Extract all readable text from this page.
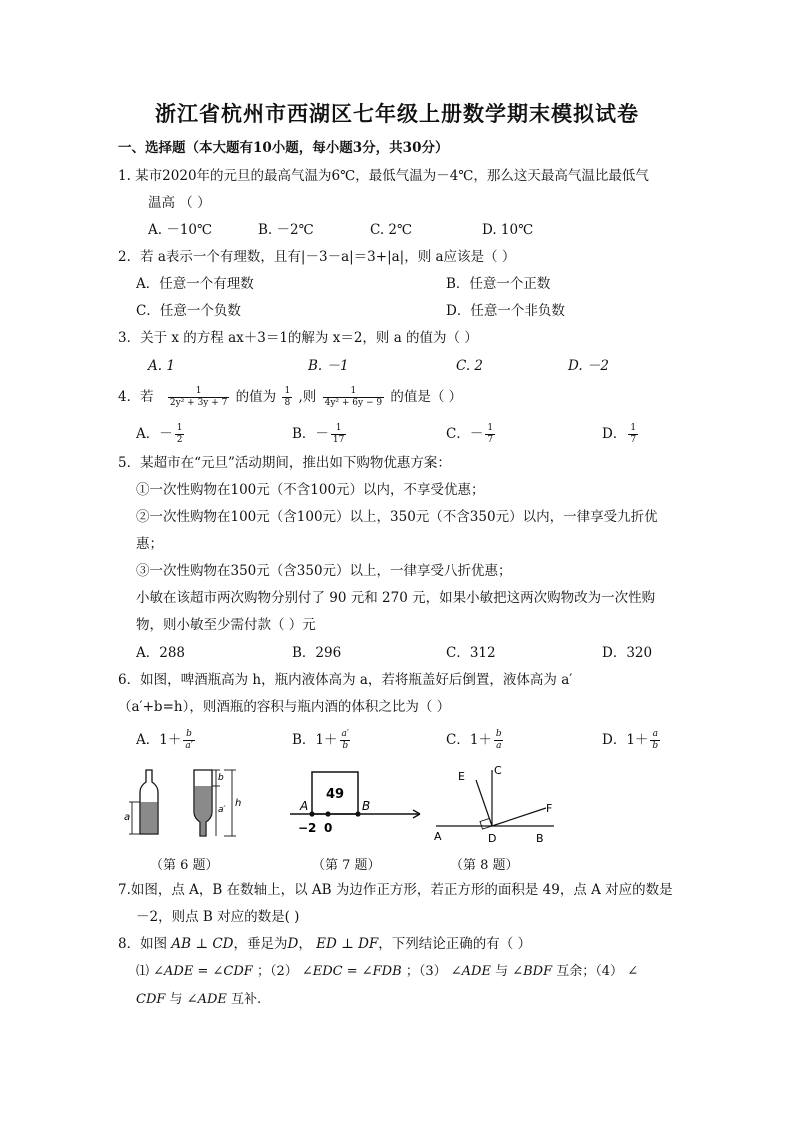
浙江省杭州市西湖区七年级上册数学期末模拟试卷
一、选择题（本大题有10小题，每小题3分，共30分）
1. 某市2020年的元旦的最高气温为6℃，最低气温为－4℃，那么这天最高气温比最低气
温高 （ ）
A. －10℃	B. －2℃	C. 2℃	D. 10℃
2．若 a表示一个有理数，且有|－3－a|＝3+|a|，则 a应该是（ ）
A．任意一个有理数	B．任意一个正数
C．任意一个负数	D．任意一个非负数
3．关于 x 的方程 ax＋3＝1的解为 x＝2，则 a 的值为（ ）
A. 1	B. －1	C. 2	D. －2
4．若 $\frac{1}{\text{2y² + 3y + 7}}$ 的值为 $\frac{1}{8}$ ,则 $\frac{1}{\text{4y² + 6y − 9}}$ 的值是（ ）
A．－ $\frac{1}{2}$	B．－ $\frac{1}{17}$	C．－ $\frac{1}{7}$	D． $\frac{1}{7}$
5．某超市在“元旦”活动期间，推出如下购物优惠方案：
①一次性购物在100元（不含100元）以内，不享受优惠；
②一次性购物在100元（含100元）以上，350元（不含350元）以内，一律享受九折优
惠；
③一次性购物在350元（含350元）以上，一律享受八折优惠；
小敏在该超市两次购物分别付了 90 元和 270 元，如果小敏把这两次购物改为一次性购
物，则小敏至少需付款（ ）元
A．288	B．296	C．312	D．320
6．如图，啤酒瓶高为 h，瓶内液体高为 a，若将瓶盖好后倒置，液体高为 a′
（a′+b=h），则酒瓶的容积与瓶内酒的体积之比为（ ）
A．$1+ \frac{b}{a'}$	B．$1+ \frac{a'}{b}$	C．$1+ \frac{b}{a}$	D．$1+ \frac{a}{b}$
a
b
a′
h
（第 6 题）
49
A	B
−2 0
（第 7 题）
E	C
F
A	D	B
（第 8 题）
7.如图，点 A，B 在数轴上，以 AB 为边作正方形，若正方形的面积是 49，点 A 对应的数是
－2，则点 B 对应的数是( )
8．如图 AB ⊥ CD，垂足为D， ED ⊥ DF，下列结论正确的有（ ）
⑴ ∠ADE = ∠CDF ；（2） ∠EDC = ∠FDB ；（3） ∠ADE 与 ∠BDF 互余；（4） ∠
CDF 与 ∠ADE 互补.
